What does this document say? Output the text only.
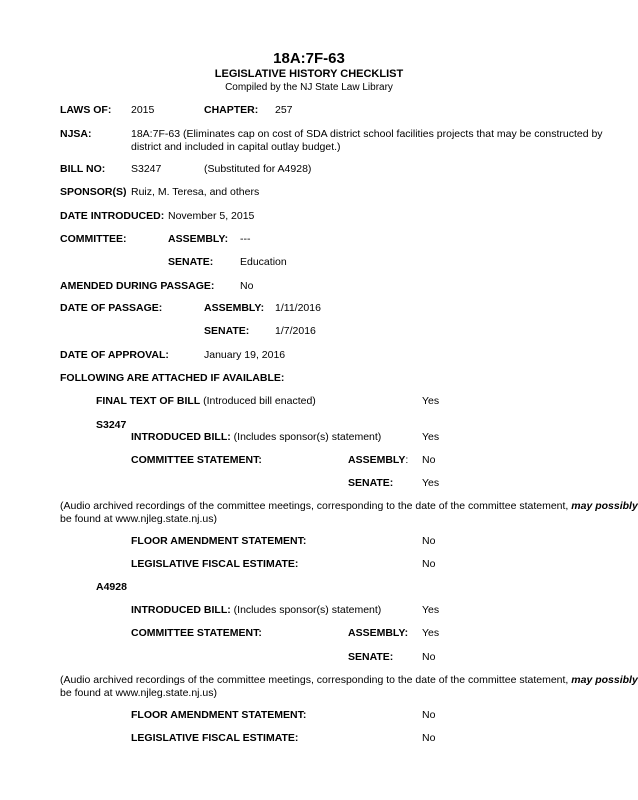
18A:7F-63
LEGISLATIVE HISTORY CHECKLIST
Compiled by the NJ State Law Library
LAWS OF: 2015	CHAPTER: 257
NJSA:	18A:7F-63 (Eliminates cap on cost of SDA district school facilities projects that may be constructed by
district and included in capital outlay budget.)
BILL NO: S3247	(Substituted for A4928)
SPONSOR(S) Ruiz, M. Teresa, and others
DATE INTRODUCED: November 5, 2015
COMMITTEE:	ASSEMBLY: ---
SENATE:	Education
AMENDED DURING PASSAGE: No
DATE OF PASSAGE:	ASSEMBLY: 1/11/2016
SENATE: 1/7/2016
DATE OF APPROVAL:	January 19, 2016
FOLLOWING ARE ATTACHED IF AVAILABLE:
FINAL TEXT OF BILL (Introduced bill enacted)	Yes
S3247
INTRODUCED BILL: (Includes sponsor(s) statement)	Yes
COMMITTEE STATEMENT:	ASSEMBLY: No
SENATE:	Yes
(Audio archived recordings of the committee meetings, corresponding to the date of the committee statement, may possibly
be found at www.njleg.state.nj.us)
FLOOR AMENDMENT STATEMENT:	No
LEGISLATIVE FISCAL ESTIMATE:	No
A4928
INTRODUCED BILL: (Includes sponsor(s) statement)	Yes
COMMITTEE STATEMENT:	ASSEMBLY: Yes
SENATE:	No
(Audio archived recordings of the committee meetings, corresponding to the date of the committee statement, may possibly
be found at www.njleg.state.nj.us)
FLOOR AMENDMENT STATEMENT:	No
LEGISLATIVE FISCAL ESTIMATE:	No
